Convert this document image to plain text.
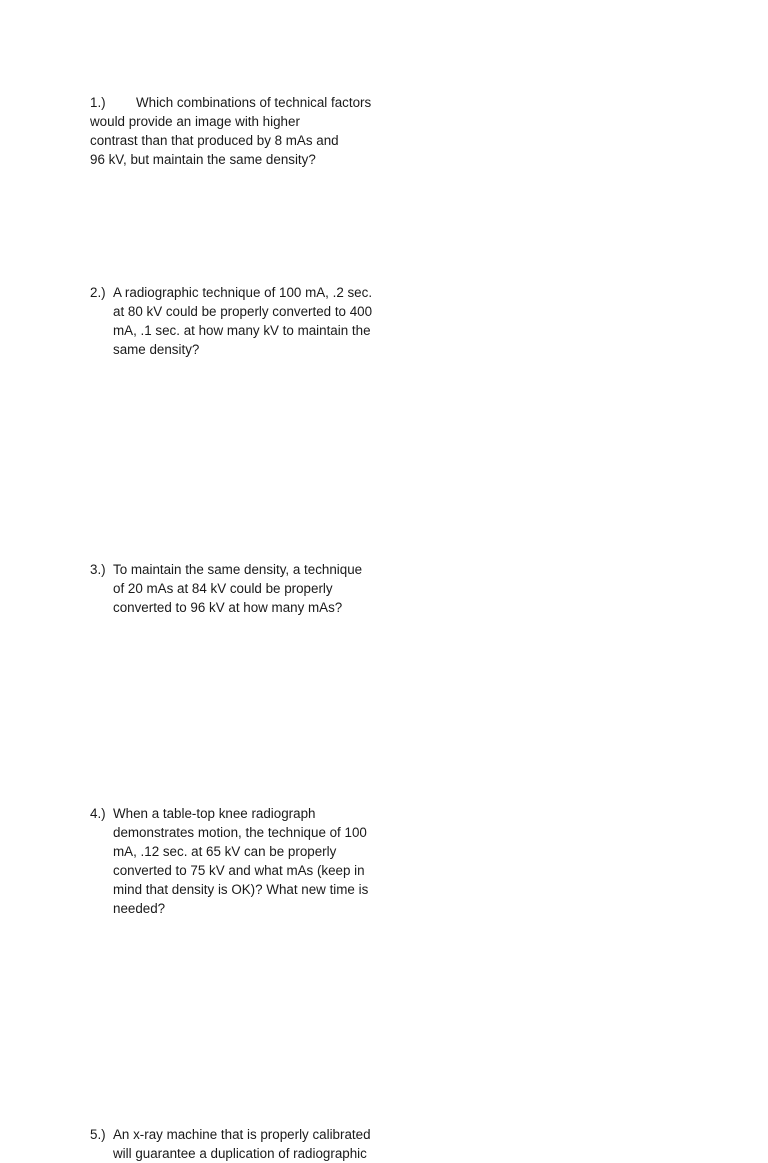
1.) Which combinations of technical factors
would provide an image with higher
contrast than that produced by 8 mAs and
96 kV, but maintain the same density?
2.) A radiographic technique of 100 mA, .2 sec.
at 80 kV could be properly converted to 400
mA, .1 sec. at how many kV to maintain the
same density?
3.) To maintain the same density, a technique
of 20 mAs at 84 kV could be properly
converted to 96 kV at how many mAs?
4.) When a table-top knee radiograph
demonstrates motion, the technique of 100
mA, .12 sec. at 65 kV can be properly
converted to 75 kV and what mAs (keep in
mind that density is OK)? What new time is
needed?
5.) An x-ray machine that is properly calibrated
will guarantee a duplication of radiographic
